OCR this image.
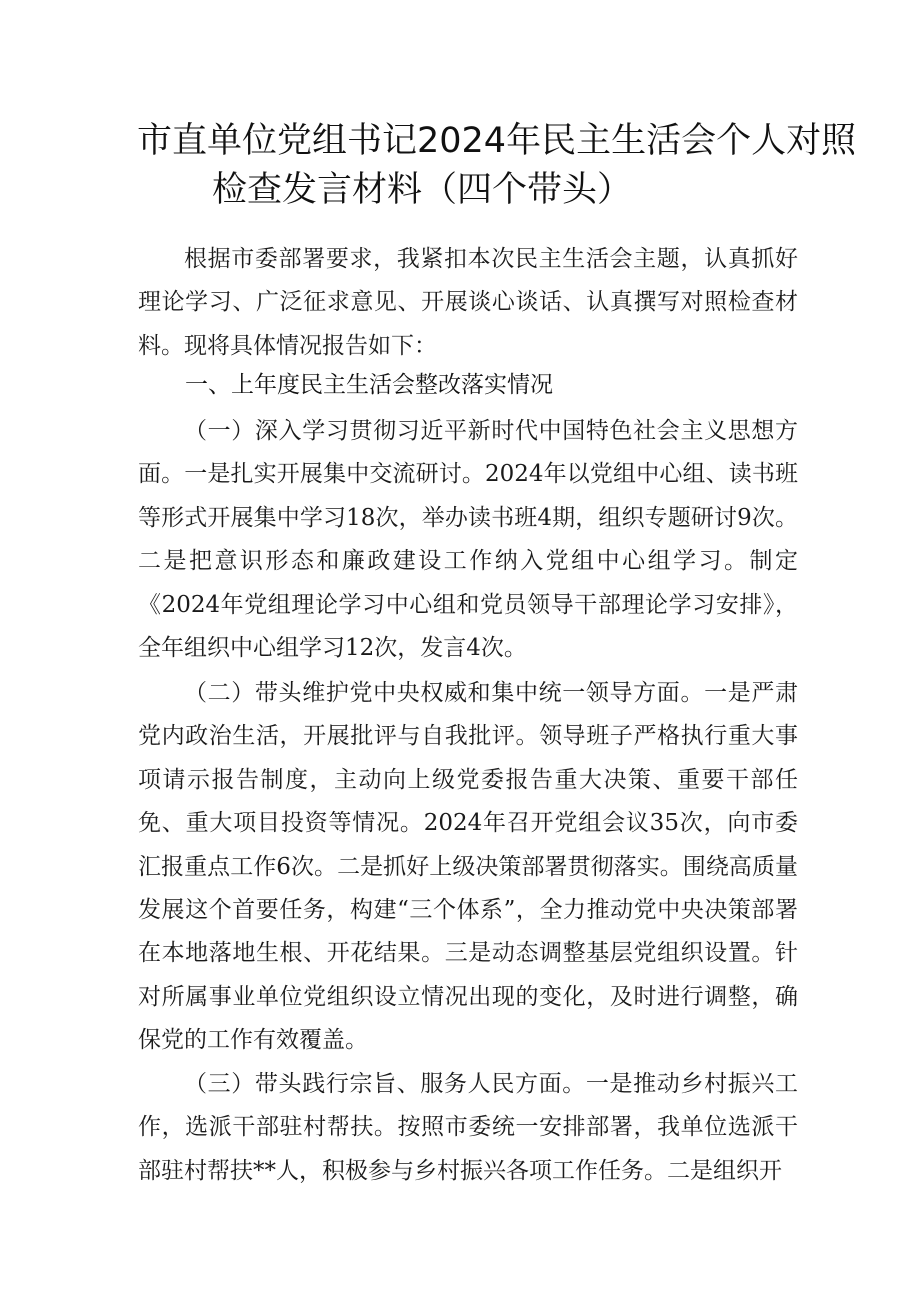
市直单位党组书记2024年民主生活会个人对照
检查发言材料（四个带头）

根据市委部署要求，我紧扣本次民主生活会主题，认真抓好理论学习、广泛征求意见、开展谈心谈话、认真撰写对照检查材料。现将具体情况报告如下：

一、上年度民主生活会整改落实情况

（一）深入学习贯彻习近平新时代中国特色社会主义思想方面。一是扎实开展集中交流研讨。2024年以党组中心组、读书班等形式开展集中学习18次，举办读书班4期，组织专题研讨9次。二是把意识形态和廉政建设工作纳入党组中心组学习。制定《2024年党组理论学习中心组和党员领导干部理论学习安排》，全年组织中心组学习12次，发言4次。

（二）带头维护党中央权威和集中统一领导方面。一是严肃党内政治生活，开展批评与自我批评。领导班子严格执行重大事项请示报告制度，主动向上级党委报告重大决策、重要干部任免、重大项目投资等情况。2024年召开党组会议35次，向市委汇报重点工作6次。二是抓好上级决策部署贯彻落实。围绕高质量发展这个首要任务，构建“三个体系”，全力推动党中央决策部署在本地落地生根、开花结果。三是动态调整基层党组织设置。针对所属事业单位党组织设立情况出现的变化，及时进行调整，确保党的工作有效覆盖。

（三）带头践行宗旨、服务人民方面。一是推动乡村振兴工作，选派干部驻村帮扶。按照市委统一安排部署，我单位选派干部驻村帮扶**人，积极参与乡村振兴各项工作任务。二是组织开
